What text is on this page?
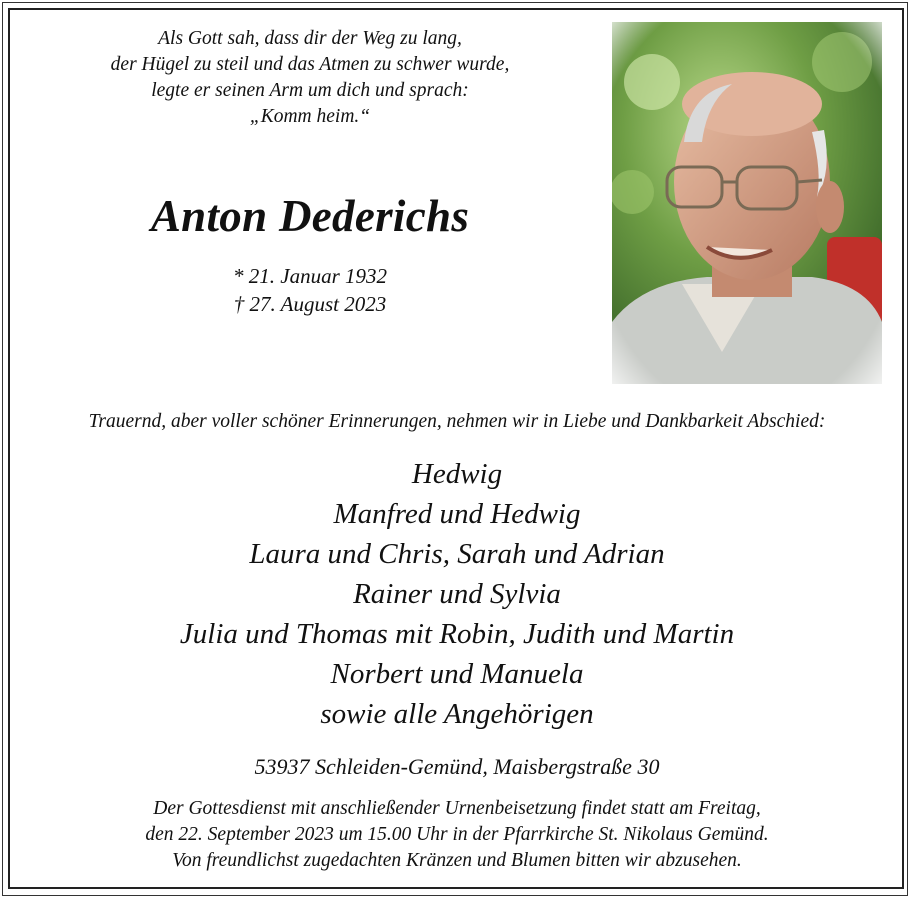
Als Gott sah, dass dir der Weg zu lang,
der Hügel zu steil und das Atmen zu schwer wurde,
legte er seinen Arm um dich und sprach:
„Komm heim.“
Anton Dederichs
* 21. Januar 1932
† 27. August 2023
Trauernd, aber voller schöner Erinnerungen, nehmen wir in Liebe und Dankbarkeit Abschied:
Hedwig
Manfred und Hedwig
Laura und Chris, Sarah und Adrian
Rainer und Sylvia
Julia und Thomas mit Robin, Judith und Martin
Norbert und Manuela
sowie alle Angehörigen
53937 Schleiden-Gemünd, Maisbergstraße 30
Der Gottesdienst mit anschließender Urnenbeisetzung findet statt am Freitag,
den 22. September 2023 um 15.00 Uhr in der Pfarrkirche St. Nikolaus Gemünd.
Von freundlichst zugedachten Kränzen und Blumen bitten wir abzusehen.
